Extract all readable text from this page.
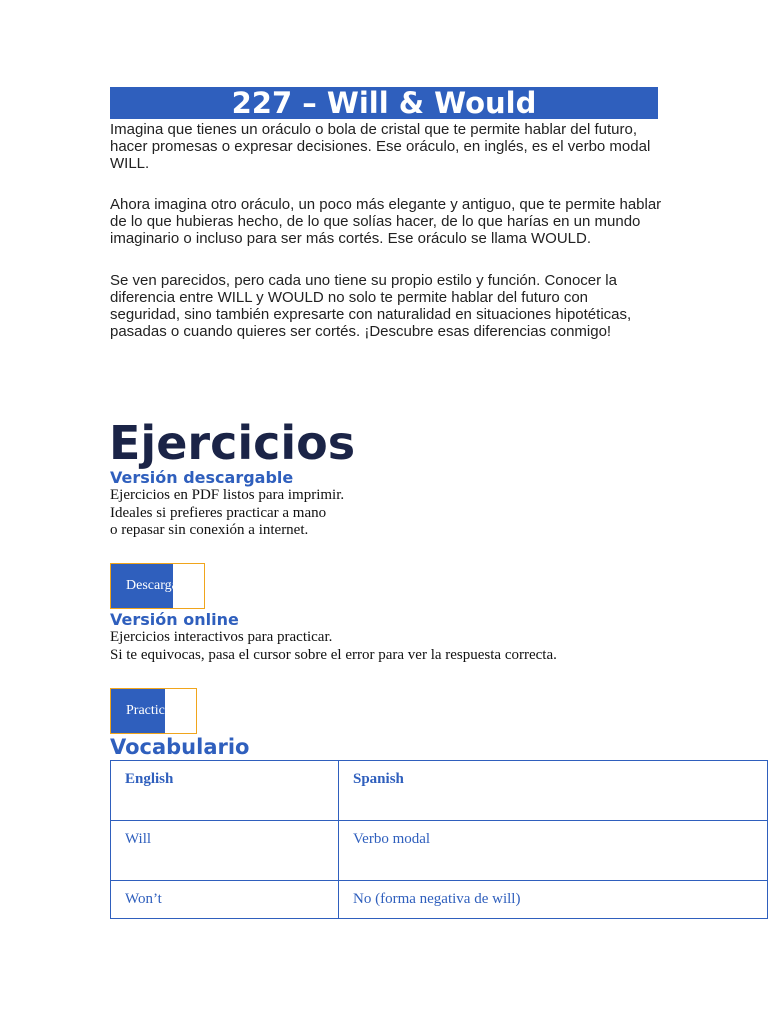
227 – Will & Would

Imagina que tienes un oráculo o bola de cristal que te permite hablar del futuro, hacer promesas o expresar decisiones. Ese oráculo, en inglés, es el verbo modal WILL.

Ahora imagina otro oráculo, un poco más elegante y antiguo, que te permite hablar de lo que hubieras hecho, de lo que solías hacer, de lo que harías en un mundo imaginario o incluso para ser más cortés. Ese oráculo se llama WOULD.

Se ven parecidos, pero cada uno tiene su propio estilo y función. Conocer la diferencia entre WILL y WOULD no solo te permite hablar del futuro con seguridad, sino también expresarte con naturalidad en situaciones hipotéticas, pasadas o cuando quieres ser cortés. ¡Descubre esas diferencias conmigo!

Ejercicios
Versión descargable

Ejercicios en PDF listos para imprimir.

Ideales si prefieres practicar a mano

o repasar sin conexión a internet.

Descargar
Versión online

Ejercicios interactivos para practicar.

Si te equivocas, pasa el cursor sobre el error para ver la respuesta correcta.

Practicar
Vocabulario
English	Spanish
Will	Verbo modal
Won’t	No (forma negativa de will)
